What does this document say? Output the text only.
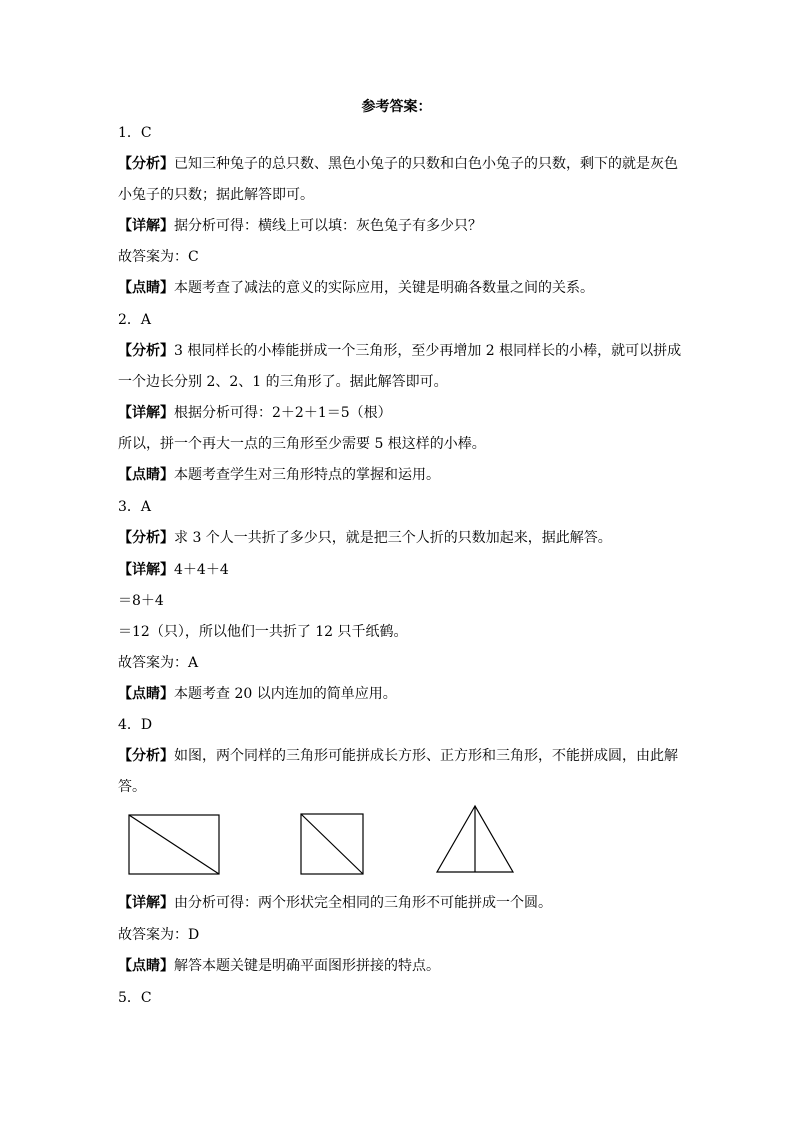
参考答案：
1．C
【分析】已知三种兔子的总只数、黑色小兔子的只数和白色小兔子的只数，剩下的就是灰色
小兔子的只数；据此解答即可。
【详解】据分析可得：横线上可以填：灰色兔子有多少只？
故答案为：C
【点睛】本题考查了减法的意义的实际应用，关键是明确各数量之间的关系。
2．A
【分析】3 根同样长的小棒能拼成一个三角形，至少再增加 2 根同样长的小棒，就可以拼成
一个边长分别 2、2、1 的三角形了。据此解答即可。
【详解】根据分析可得：2＋2＋1＝5（根）
所以，拼一个再大一点的三角形至少需要 5 根这样的小棒。
【点睛】本题考查学生对三角形特点的掌握和运用。
3．A
【分析】求 3 个人一共折了多少只，就是把三个人折的只数加起来，据此解答。
【详解】4＋4＋4
＝8＋4
＝12（只），所以他们一共折了 12 只千纸鹤。
故答案为：A
【点睛】本题考查 20 以内连加的简单应用。
4．D
【分析】如图，两个同样的三角形可能拼成长方形、正方形和三角形，不能拼成圆，由此解
答。
【详解】由分析可得：两个形状完全相同的三角形不可能拼成一个圆。
故答案为：D
【点睛】解答本题关键是明确平面图形拼接的特点。
5．C
